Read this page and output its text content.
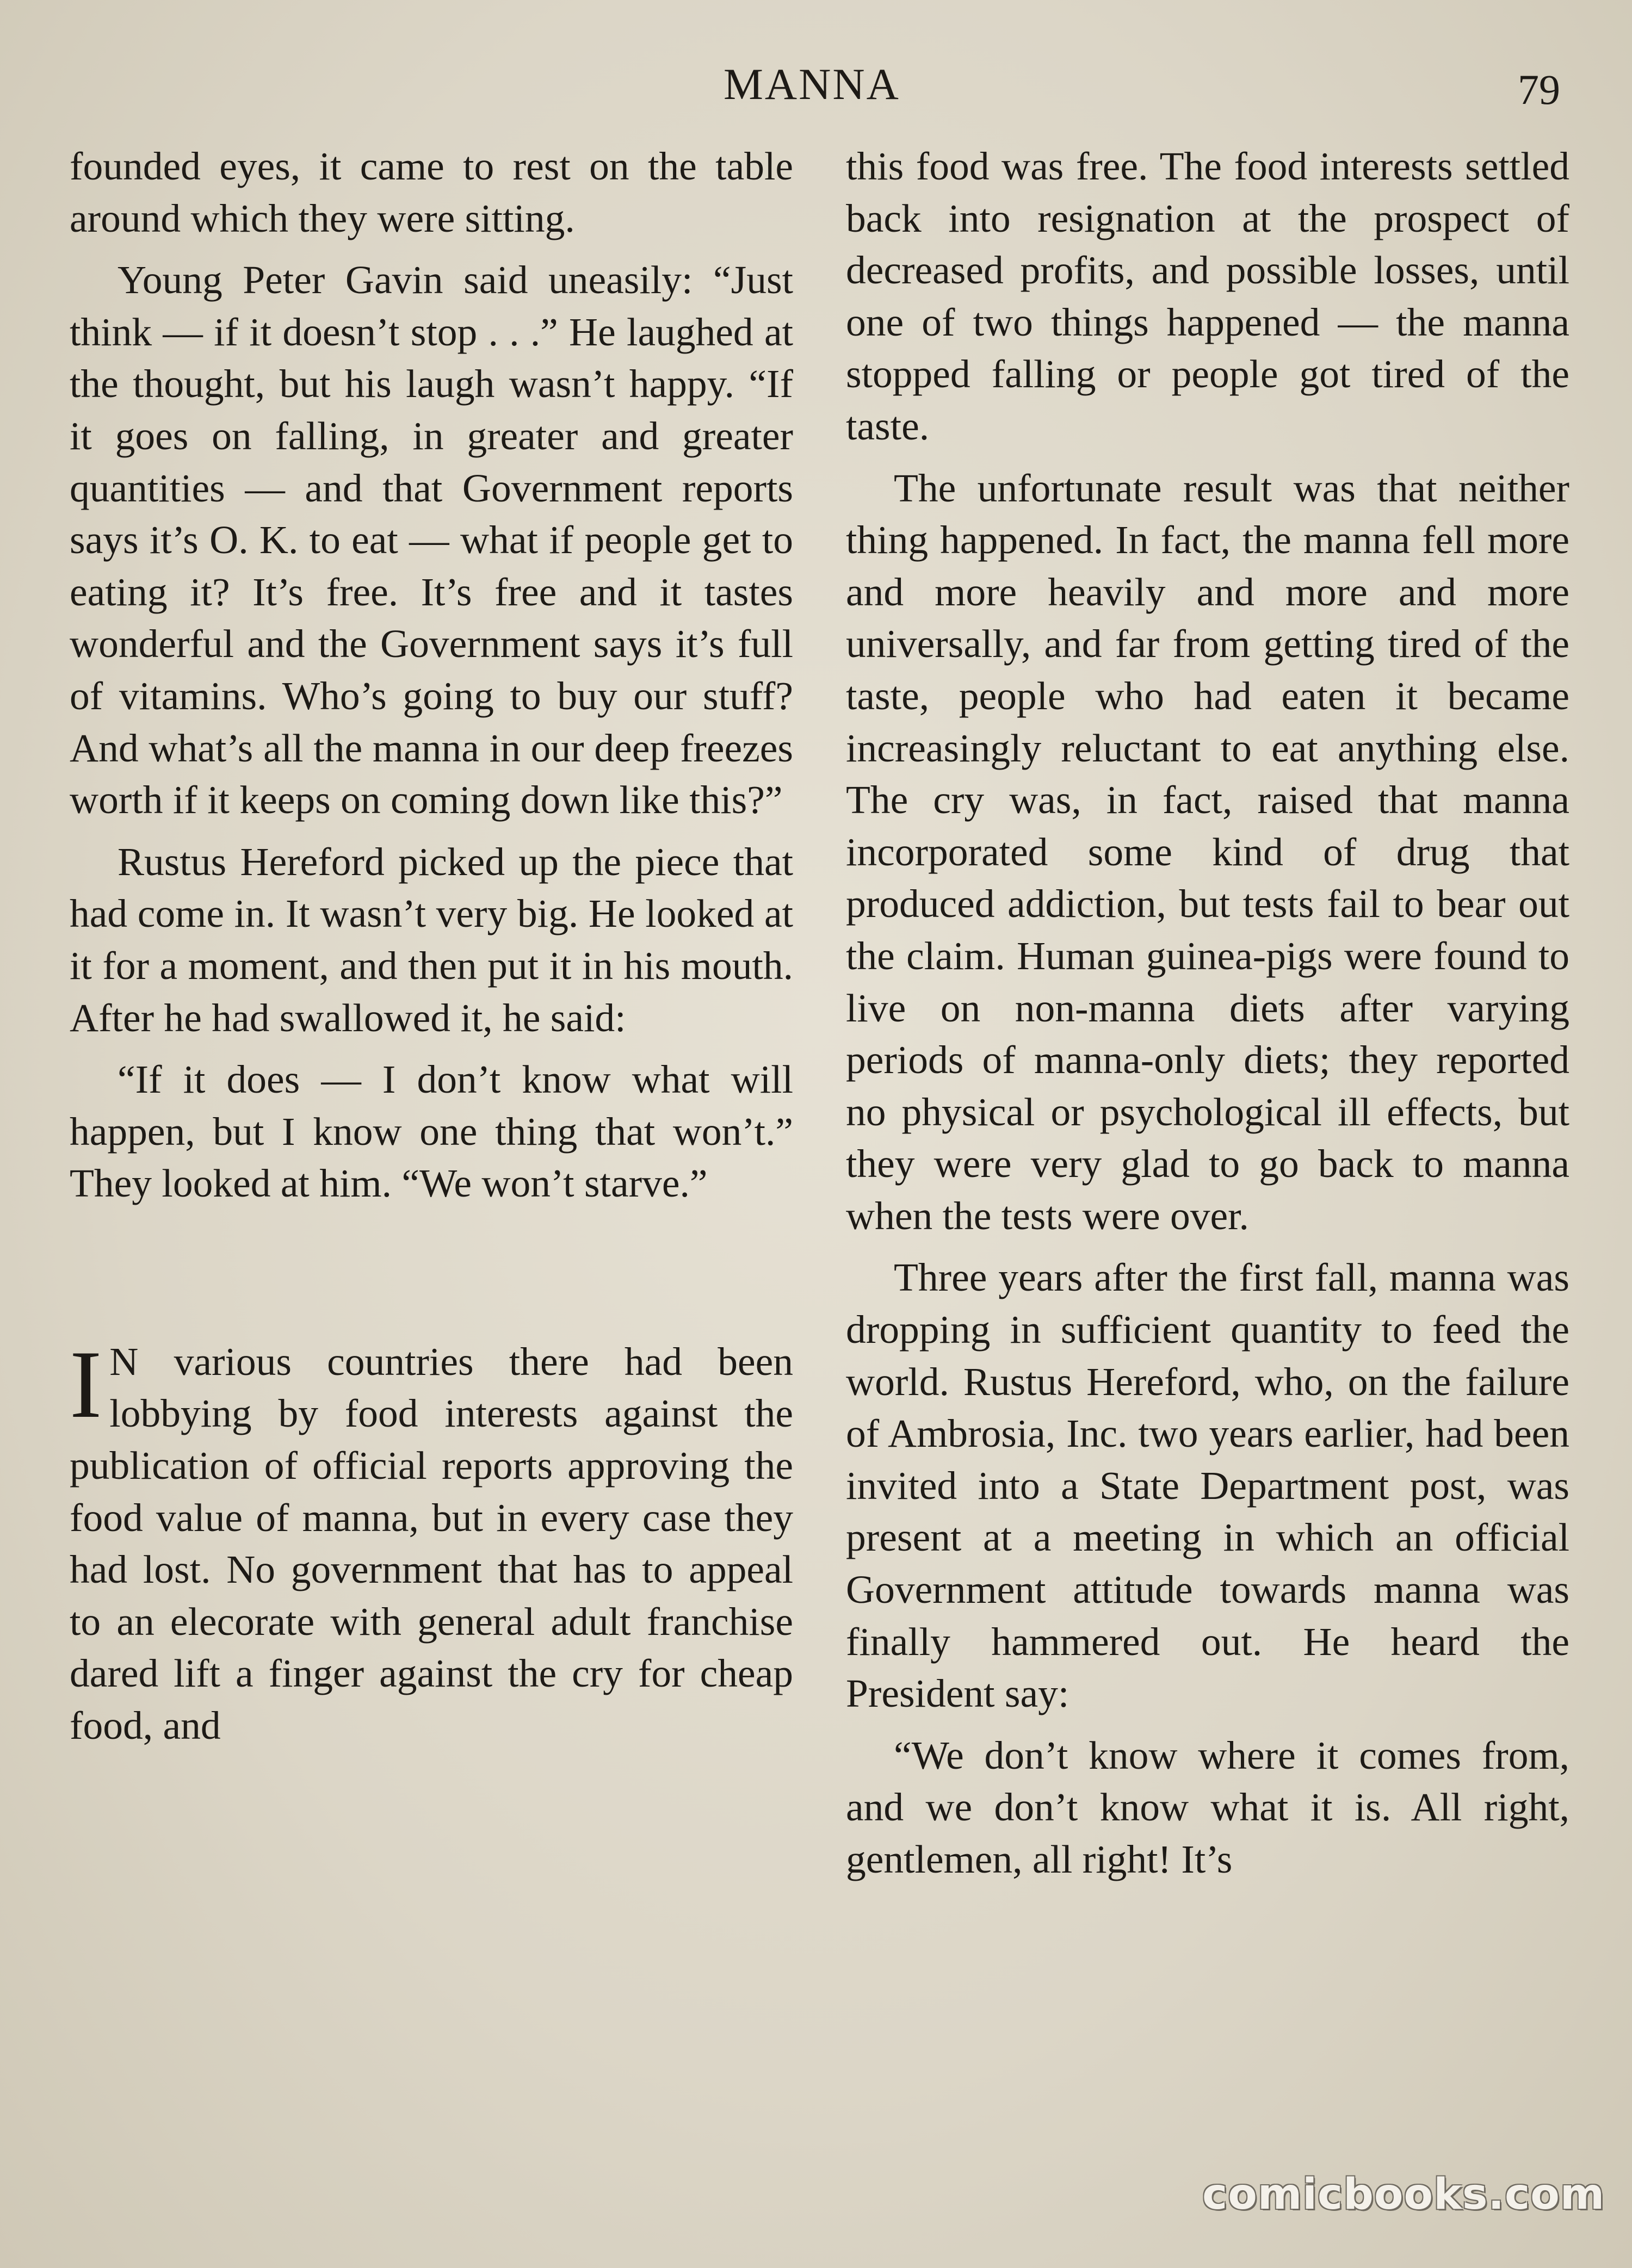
MANNA	79

founded eyes, it came to rest on the table around which they were sitting.

Young Peter Gavin said uneasily: “Just think — if it doesn’t stop . . .” He laughed at the thought, but his laugh wasn’t happy. “If it goes on falling, in greater and greater quantities — and that Government reports says it’s O. K. to eat — what if people get to eating it? It’s free. It’s free and it tastes wonderful and the Government says it’s full of vitamins. Who’s going to buy our stuff? And what’s all the manna in our deep freezes worth if it keeps on coming down like this?”

Rustus Hereford picked up the piece that had come in. It wasn’t very big. He looked at it for a moment, and then put it in his mouth. After he had swallowed it, he said:

“If it does — I don’t know what will happen, but I know one thing that won’t.” They looked at him. “We won’t starve.”

I N various countries there had been lobbying by food interests against the publication of official reports approving the food value of manna, but in every case they had lost. No government that has to appeal to an elecorate with general adult franchise dared lift a finger against the cry for cheap food, and

this food was free. The food interests settled back into resignation at the prospect of decreased profits, and possible losses, until one of two things happened — the manna stopped falling or people got tired of the taste.

The unfortunate result was that neither thing happened. In fact, the manna fell more and more heavily and more and more universally, and far from getting tired of the taste, people who had eaten it became increasingly reluctant to eat anything else. The cry was, in fact, raised that manna incorporated some kind of drug that produced addiction, but tests fail to bear out the claim. Human guinea-pigs were found to live on non-manna diets after varying periods of manna-only diets; they reported no physical or psychological ill effects, but they were very glad to go back to manna when the tests were over.

Three years after the first fall, manna was dropping in sufficient quantity to feed the world. Rustus Hereford, who, on the failure of Ambrosia, Inc. two years earlier, had been invited into a State Department post, was present at a meeting in which an official Government attitude towards manna was finally hammered out. He heard the President say:

“We don’t know where it comes from, and we don’t know what it is. All right, gentlemen, all right! It’s

comicbooks.com
